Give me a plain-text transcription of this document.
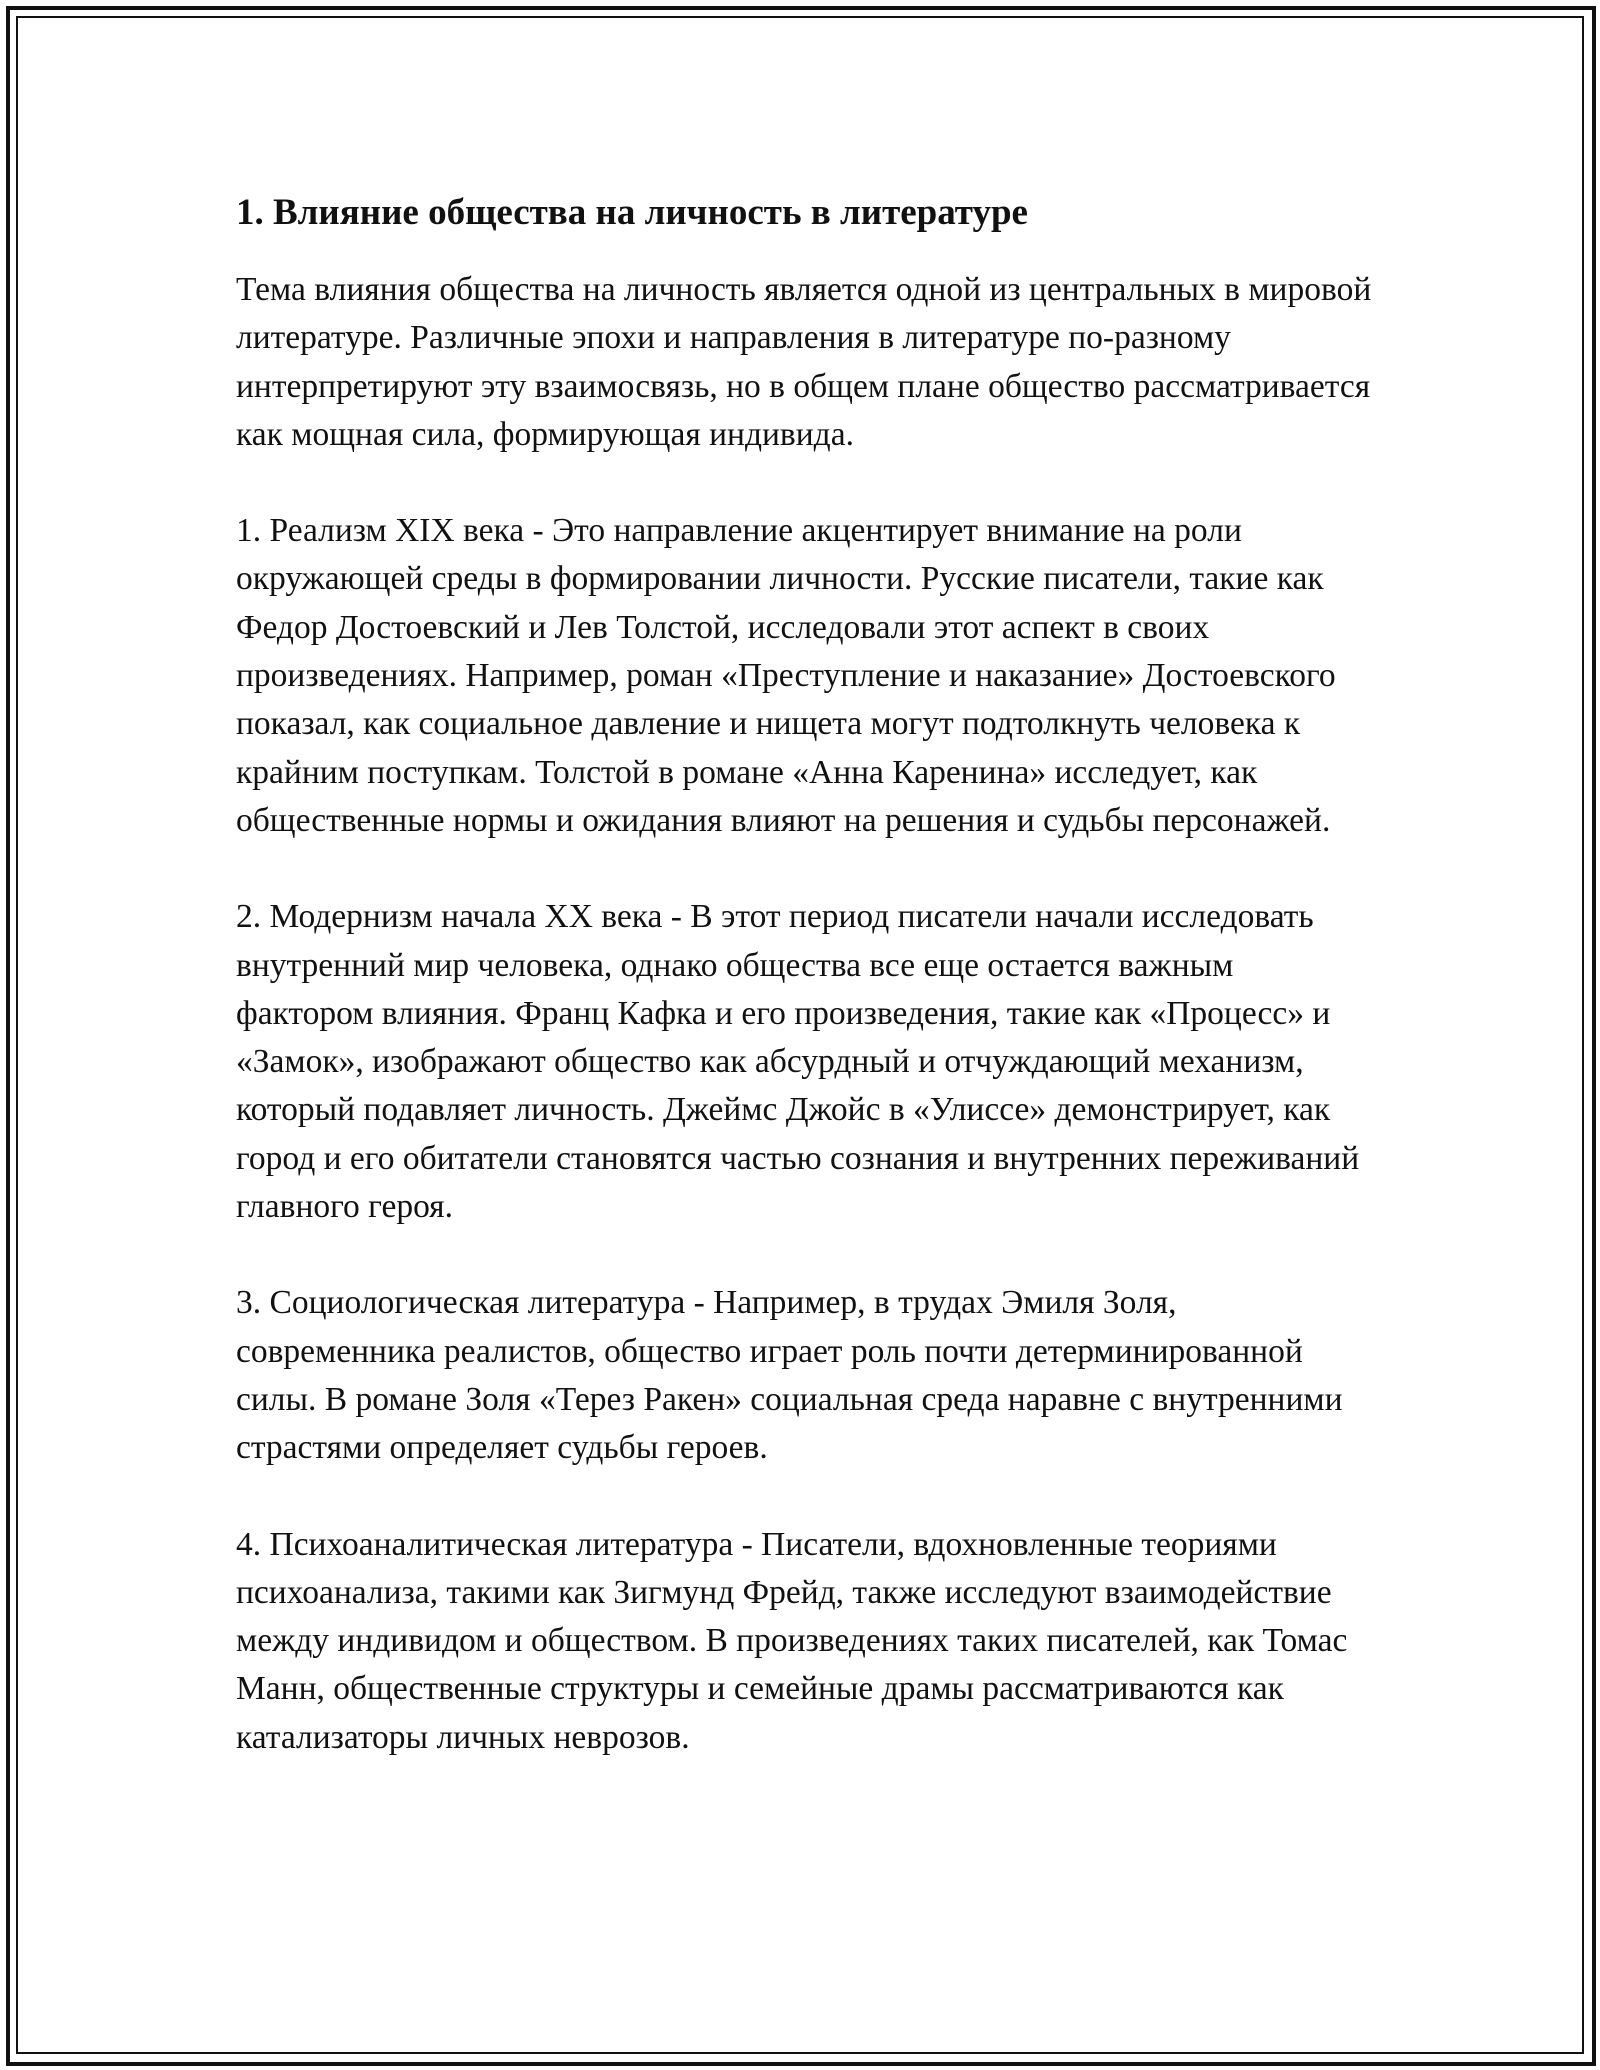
1. Влияние общества на личность в литературе

Тема влияния общества на личность является одной из центральных в мировой литературе. Различные эпохи и направления в литературе по-разному интерпретируют эту взаимосвязь, но в общем плане общество рассматривается как мощная сила, формирующая индивида.

1. Реализм XIX века - Это направление акцентирует внимание на роли окружающей среды в формировании личности. Русские писатели, такие как Федор Достоевский и Лев Толстой, исследовали этот аспект в своих произведениях. Например, роман «Преступление и наказание» Достоевского показал, как социальное давление и нищета могут подтолкнуть человека к крайним поступкам. Толстой в романе «Анна Каренина» исследует, как общественные нормы и ожидания влияют на решения и судьбы персонажей.

2. Модернизм начала XX века - В этот период писатели начали исследовать внутренний мир человека, однако общества все еще остается важным фактором влияния. Франц Кафка и его произведения, такие как «Процесс» и «Замок», изображают общество как абсурдный и отчуждающий механизм, который подавляет личность. Джеймс Джойс в «Улиссе» демонстрирует, как город и его обитатели становятся частью сознания и внутренних переживаний главного героя.

3. Социологическая литература - Например, в трудах Эмиля Золя, современника реалистов, общество играет роль почти детерминированной силы. В романе Золя «Терез Ракен» социальная среда наравне с внутренними страстями определяет судьбы героев.

4. Психоаналитическая литература - Писатели, вдохновленные теориями психоанализа, такими как Зигмунд Фрейд, также исследуют взаимодействие между индивидом и обществом. В произведениях таких писателей, как Томас Манн, общественные структуры и семейные драмы рассматриваются как катализаторы личных неврозов.
